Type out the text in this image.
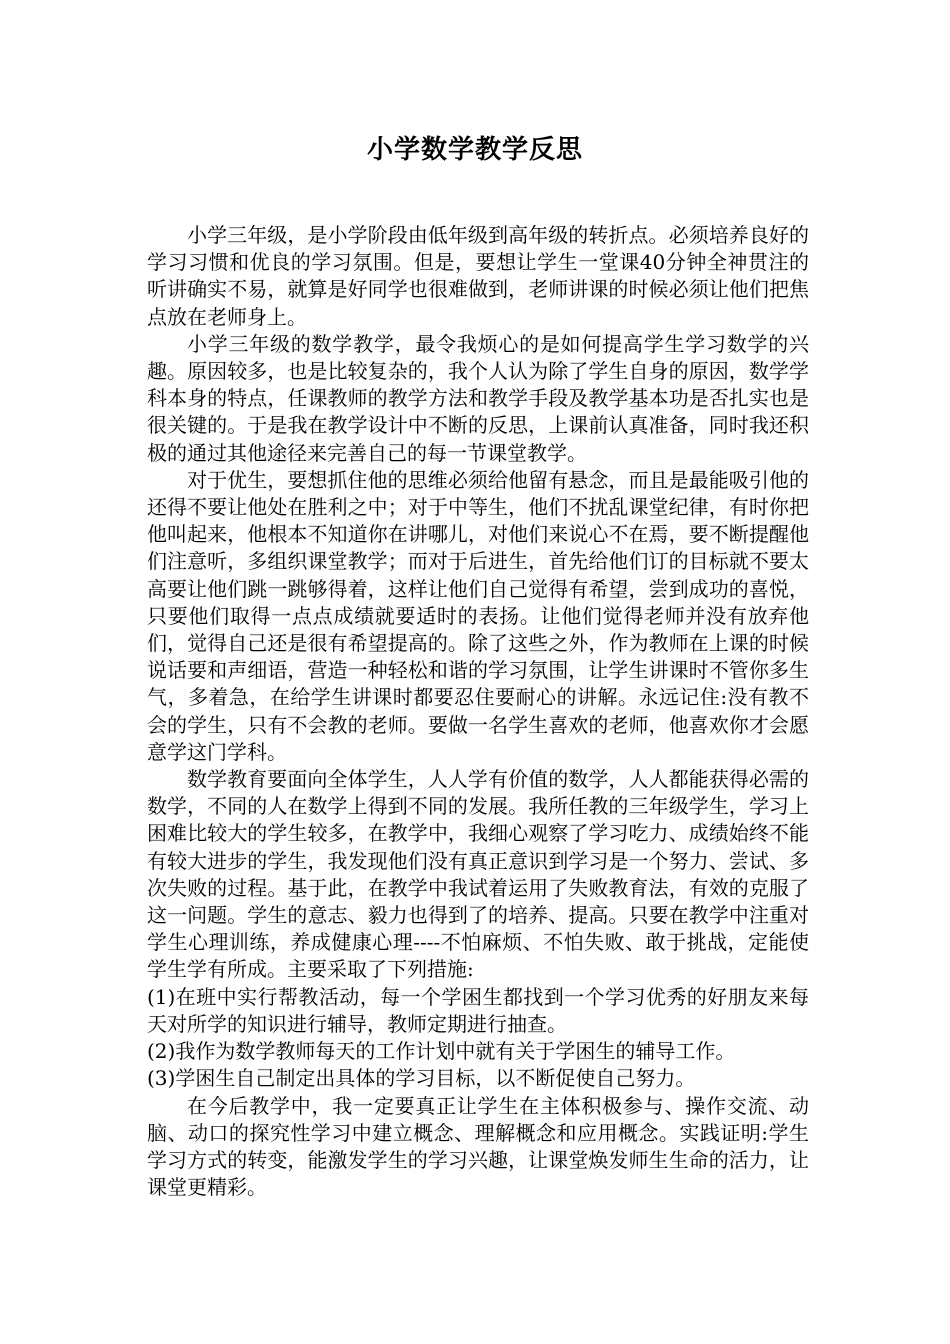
小学数学教学反思

小学三年级，是小学阶段由低年级到高年级的转折点。必须培养良好的学习习惯和优良的学习氛围。但是，要想让学生一堂课40分钟全神贯注的听讲确实不易，就算是好同学也很难做到，老师讲课的时候必须让他们把焦点放在老师身上。

小学三年级的数学教学，最令我烦心的是如何提高学生学习数学的兴趣。原因较多，也是比较复杂的，我个人认为除了学生自身的原因，数学学科本身的特点，任课教师的教学方法和教学手段及教学基本功是否扎实也是很关键的。于是我在教学设计中不断的反思，上课前认真准备，同时我还积极的通过其他途径来完善自己的每一节课堂教学。

对于优生，要想抓住他的思维必须给他留有悬念，而且是最能吸引他的还得不要让他处在胜利之中；对于中等生，他们不扰乱课堂纪律，有时你把他叫起来，他根本不知道你在讲哪儿，对他们来说心不在焉，要不断提醒他们注意听，多组织课堂教学；而对于后进生，首先给他们订的目标就不要太高要让他们跳一跳够得着，这样让他们自己觉得有希望，尝到成功的喜悦，只要他们取得一点点成绩就要适时的表扬。让他们觉得老师并没有放弃他们，觉得自己还是很有希望提高的。除了这些之外，作为教师在上课的时候说话要和声细语，营造一种轻松和谐的学习氛围，让学生讲课时不管你多生气，多着急，在给学生讲课时都要忍住要耐心的讲解。永远记住:没有教不会的学生，只有不会教的老师。要做一名学生喜欢的老师，他喜欢你才会愿意学这门学科。

数学教育要面向全体学生，人人学有价值的数学，人人都能获得必需的数学，不同的人在数学上得到不同的发展。我所任教的三年级学生，学习上困难比较大的学生较多，在教学中，我细心观察了学习吃力、成绩始终不能有较大进步的学生，我发现他们没有真正意识到学习是一个努力、尝试、多次失败的过程。基于此，在教学中我试着运用了失败教育法，有效的克服了这一问题。学生的意志、毅力也得到了的培养、提高。只要在教学中注重对学生心理训练，养成健康心理----不怕麻烦、不怕失败、敢于挑战，定能使学生学有所成。主要采取了下列措施:

(1)在班中实行帮教活动，每一个学困生都找到一个学习优秀的好朋友来每天对所学的知识进行辅导，教师定期进行抽查。

(2)我作为数学教师每天的工作计划中就有关于学困生的辅导工作。

(3)学困生自己制定出具体的学习目标，以不断促使自己努力。

在今后教学中，我一定要真正让学生在主体积极参与、操作交流、动脑、动口的探究性学习中建立概念、理解概念和应用概念。实践证明:学生学习方式的转变，能激发学生的学习兴趣，让课堂焕发师生生命的活力，让课堂更精彩。
